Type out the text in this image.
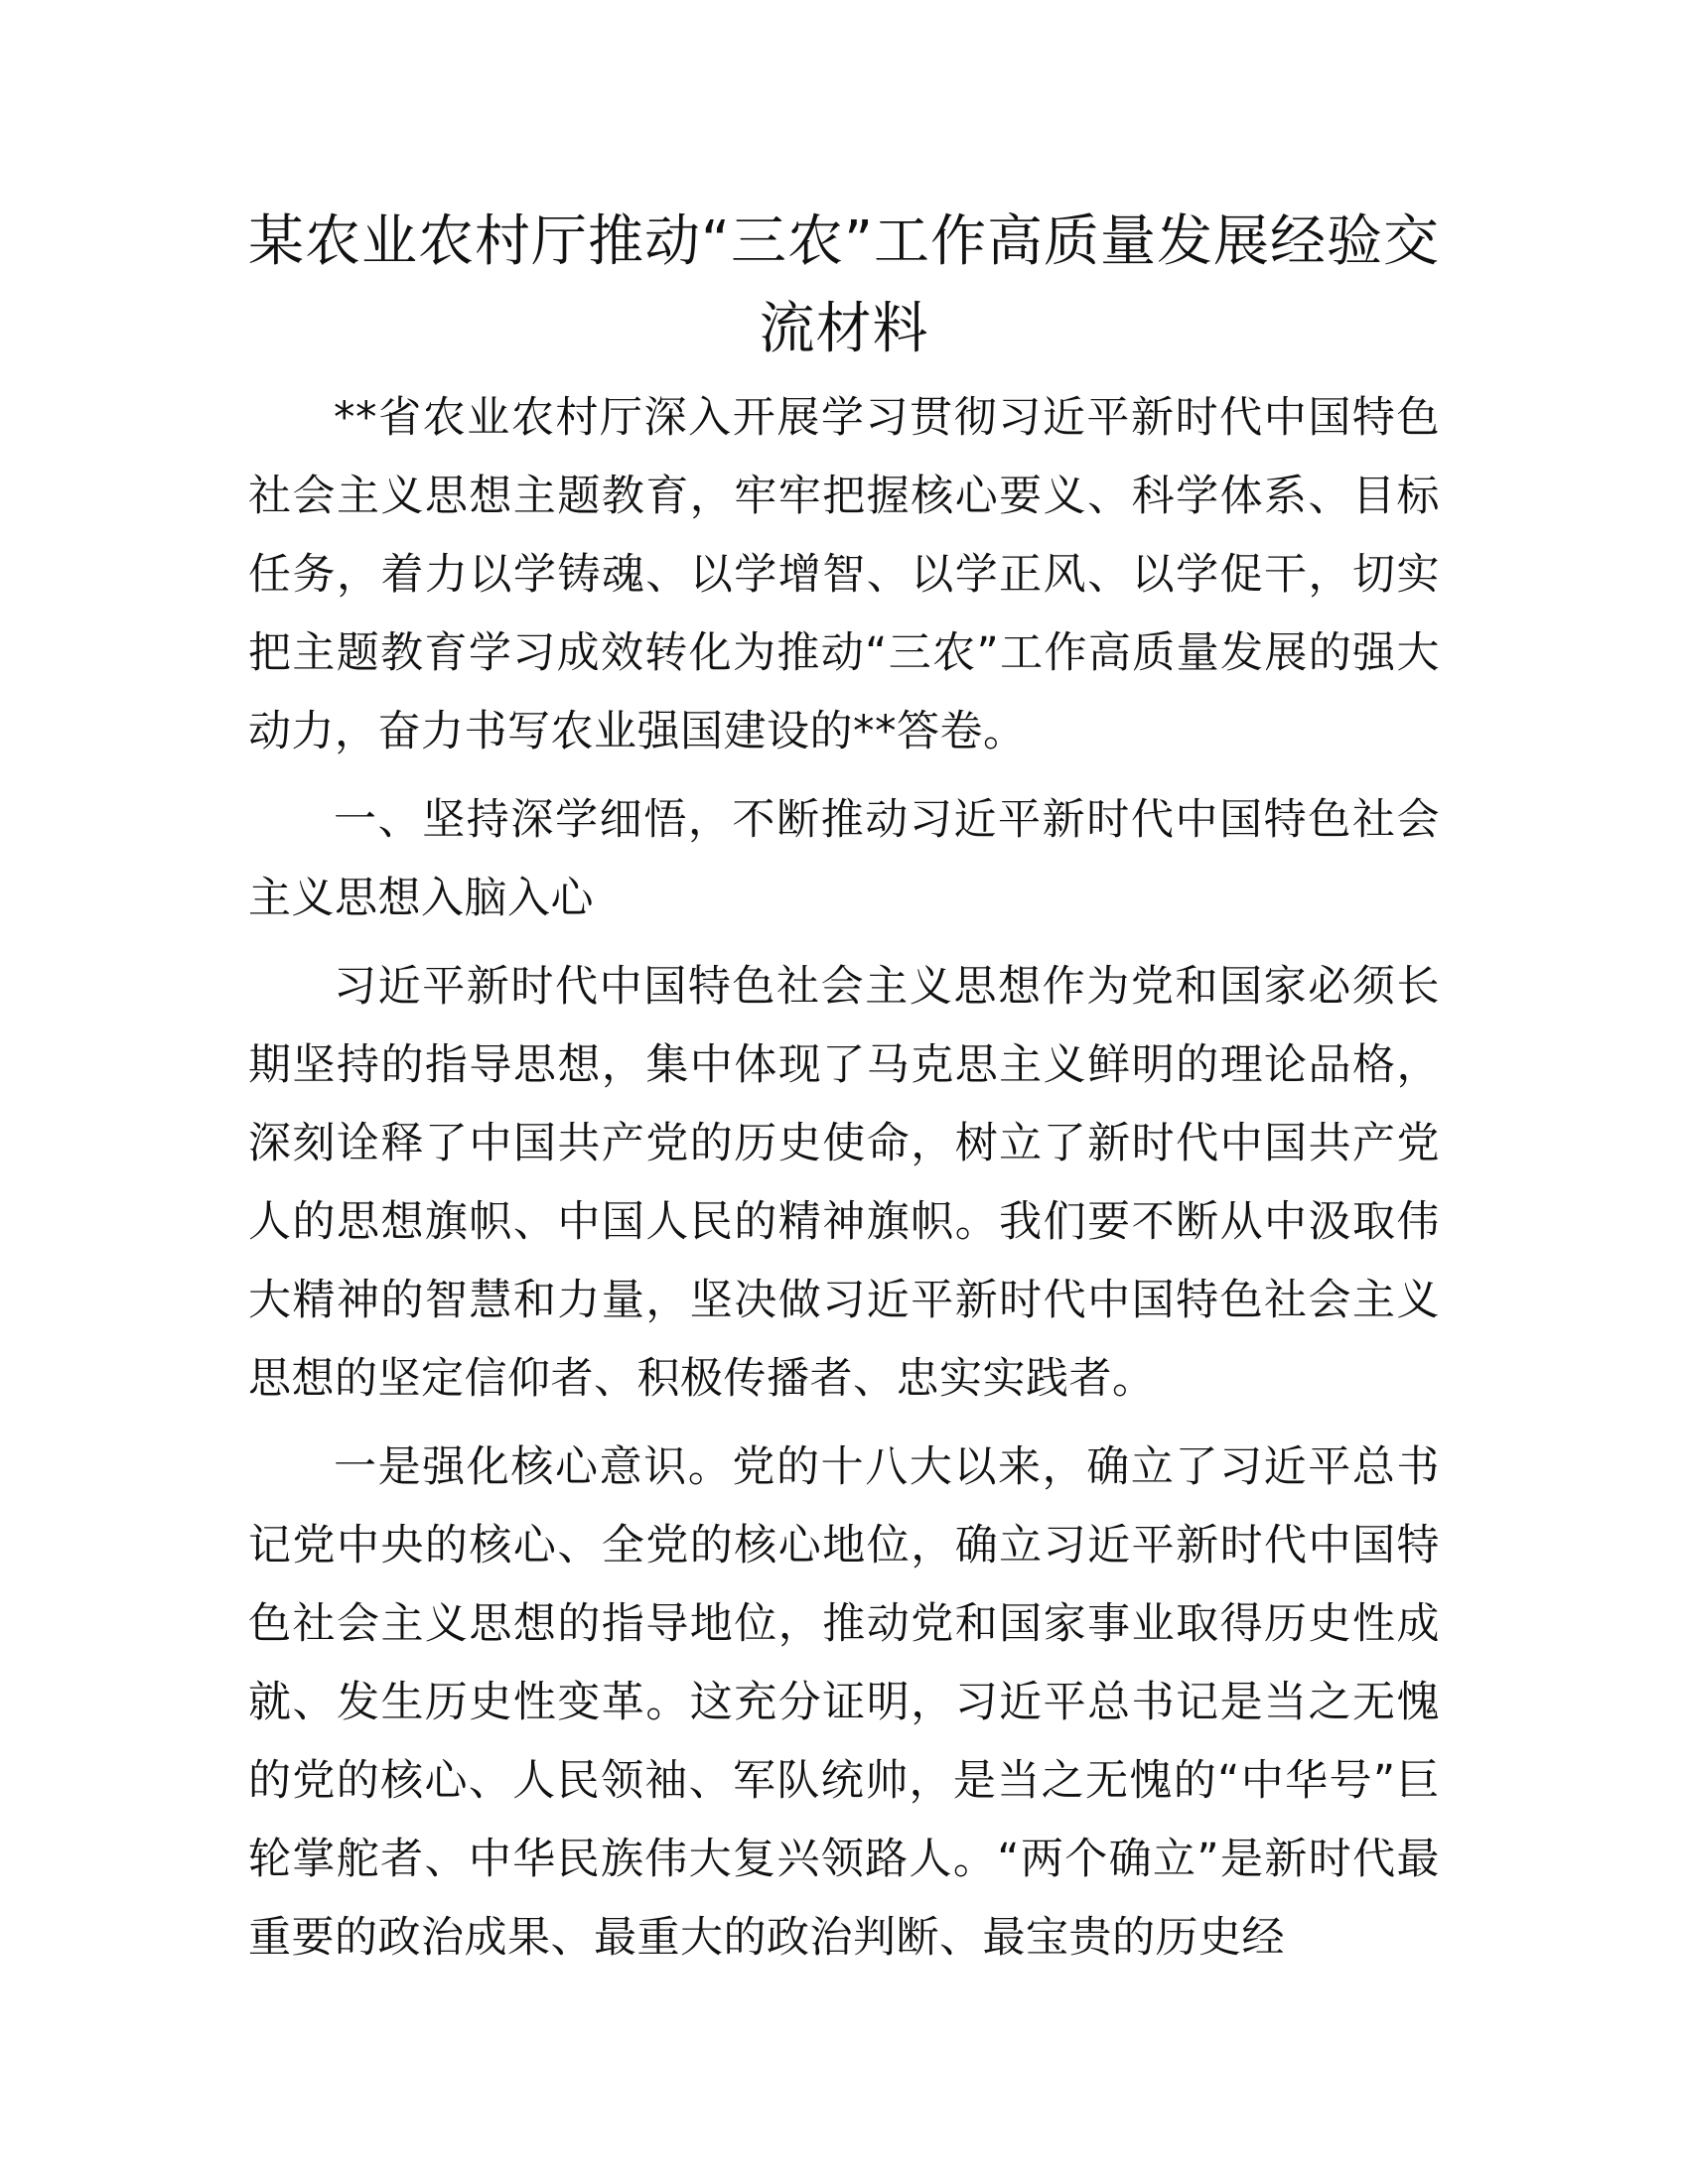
某农业农村厅推动“三农”工作高质量发展经验交流材料

**省农业农村厅深入开展学习贯彻习近平新时代中国特色社会主义思想主题教育，牢牢把握核心要义、科学体系、目标任务，着力以学铸魂、以学增智、以学正风、以学促干，切实把主题教育学习成效转化为推动“三农”工作高质量发展的强大动力，奋力书写农业强国建设的**答卷。

一、坚持深学细悟，不断推动习近平新时代中国特色社会主义思想入脑入心

习近平新时代中国特色社会主义思想作为党和国家必须长期坚持的指导思想，集中体现了马克思主义鲜明的理论品格，深刻诠释了中国共产党的历史使命，树立了新时代中国共产党人的思想旗帜、中国人民的精神旗帜。我们要不断从中汲取伟大精神的智慧和力量，坚决做习近平新时代中国特色社会主义思想的坚定信仰者、积极传播者、忠实实践者。

一是强化核心意识。党的十八大以来，确立了习近平总书记党中央的核心、全党的核心地位，确立习近平新时代中国特色社会主义思想的指导地位，推动党和国家事业取得历史性成就、发生历史性变革。这充分证明，习近平总书记是当之无愧的党的核心、人民领袖、军队统帅，是当之无愧的“中华号”巨轮掌舵者、中华民族伟大复兴领路人。“两个确立”是新时代最重要的政治成果、最重大的政治判断、最宝贵的历史经
